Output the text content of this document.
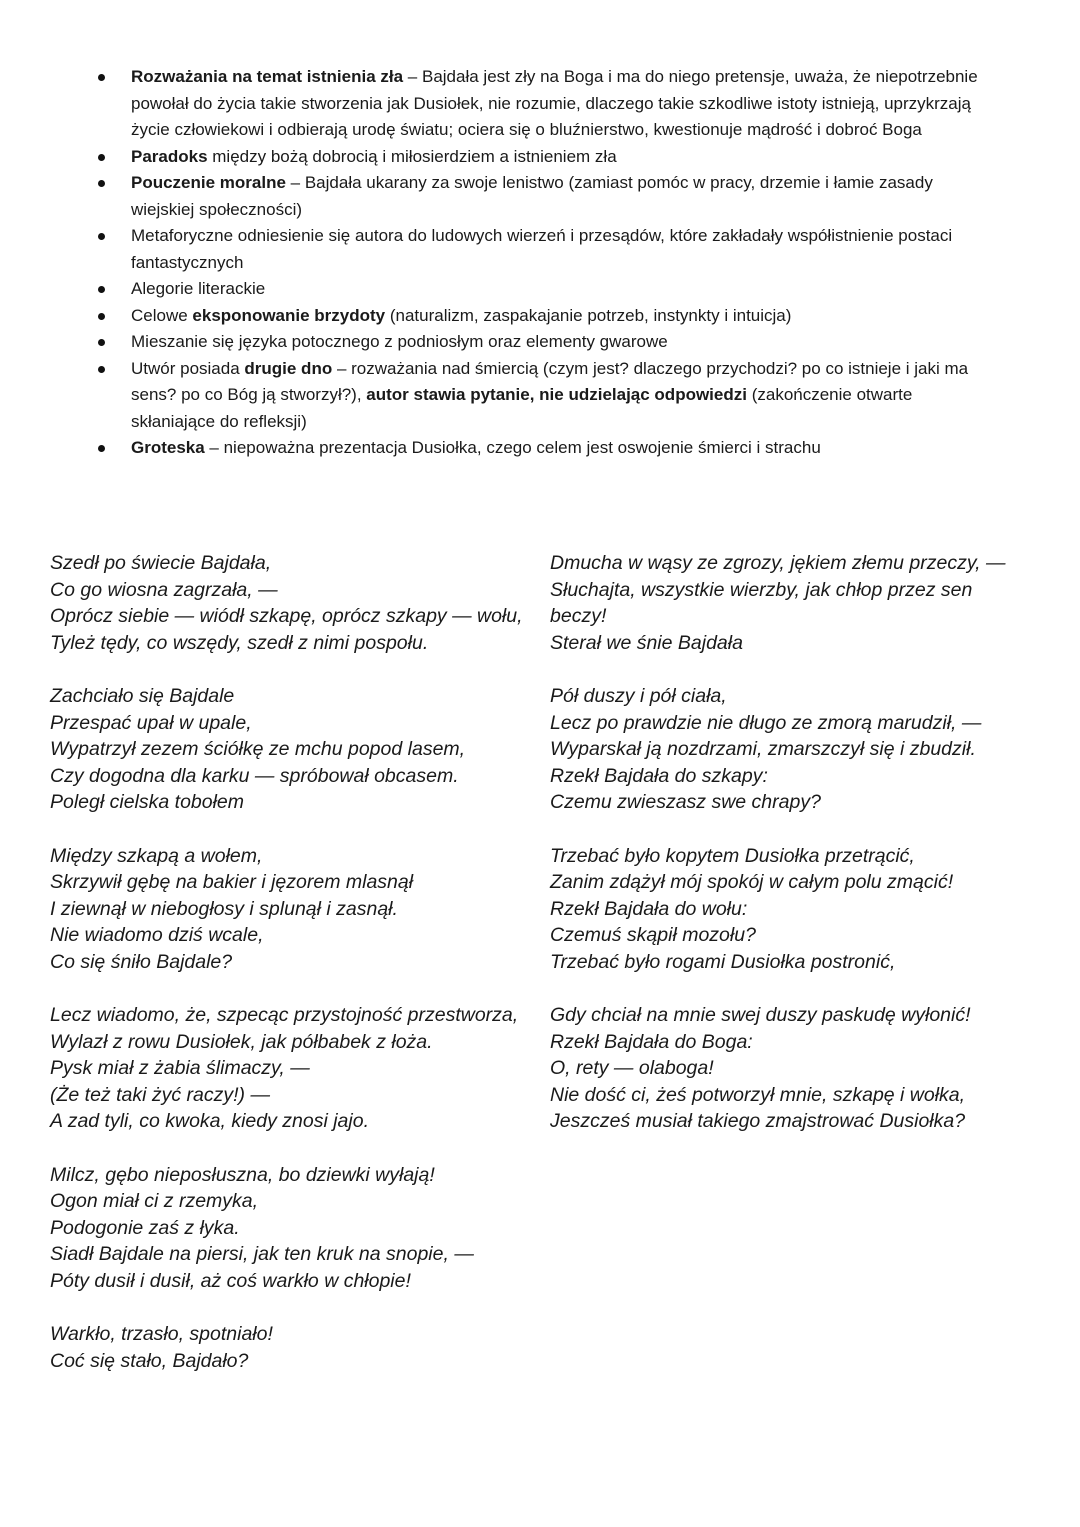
Rozważania na temat istnienia zła – Bajdała jest zły na Boga i ma do niego pretensje, uważa, że niepotrzebnie powołał do życia takie stworzenia jak Dusiołek, nie rozumie, dlaczego takie szkodliwe istoty istnieją, uprzykrzają życie człowiekowi i odbierają urodę światu; ociera się o bluźnierstwo, kwestionuje mądrość i dobroć Boga
Paradoks między bożą dobrocią i miłosierdziem a istnieniem zła
Pouczenie moralne – Bajdała ukarany za swoje lenistwo (zamiast pomóc w pracy, drzemie i łamie zasady wiejskiej społeczności)
Metaforyczne odniesienie się autora do ludowych wierzeń i przesądów, które zakładały współistnienie postaci fantastycznych
Alegorie literackie
Celowe eksponowanie brzydoty (naturalizm, zaspakajanie potrzeb, instynkty i intuicja)
Mieszanie się języka potocznego z podniosłym oraz elementy gwarowe
Utwór posiada drugie dno – rozważania nad śmiercią (czym jest? dlaczego przychodzi? po co istnieje i jaki ma sens? po co Bóg ją stworzył?), autor stawia pytanie, nie udzielając odpowiedzi (zakończenie otwarte skłaniające do refleksji)
Groteska – niepoważna prezentacja Dusiołka, czego celem jest oswojenie śmierci i strachu
Szedł po świecie Bajdała,
Co go wiosna zagrzała, —
Oprócz siebie — wiódł szkapę, oprócz szkapy — wołu,
Tyleż tędy, co wszędy, szedł z nimi pospołu.
Zachciało się Bajdale
Przespać upał w upale,
Wypatrzył zezem ściółkę ze mchu popod lasem,
Czy dogodna dla karku — spróbował obcasem.
Poległ cielska tobołem
Między szkapą a wołem,
Skrzywił gębę na bakier i jęzorem mlasnął
I ziewnął w niebogłosy i splunął i zasnął.
Nie wiadomo dziś wcale,
Co się śniło Bajdale?
Lecz wiadomo, że, szpecąc przystojność przestworza,
Wylazł z rowu Dusiołek, jak półbabek z łoża.
Pysk miał z żabia ślimaczy, —
(Że też taki żyć raczy!) —
A zad tyli, co kwoka, kiedy znosi jajo.
Milcz, gębo nieposłuszna, bo dziewki wyłają!
Ogon miał ci z rzemyka,
Podogonie zaś z łyka.
Siadł Bajdale na piersi, jak ten kruk na snopie, —
Póty dusił i dusił, aż coś warkło w chłopie!
Warkło, trzasło, spotniało!
Coć się stało, Bajdało?
Dmucha w wąsy ze zgrozy, jękiem złemu przeczy, —
Słuchajta, wszystkie wierzby, jak chłop przez sen beczy!
Sterał we śnie Bajdała
Pół duszy i pół ciała,
Lecz po prawdzie nie długo ze zmorą marudził, —
Wyparskał ją nozdrzami, zmarszczył się i zbudził.
Rzekł Bajdała do szkapy:
Czemu zwieszasz swe chrapy?
Trzebać było kopytem Dusiołka przetrącić,
Zanim zdążył mój spokój w całym polu zmącić!
Rzekł Bajdała do wołu:
Czemuś skąpił mozołu?
Trzebać było rogami Dusiołka postronić,
Gdy chciał na mnie swej duszy paskudę wyłonić!
Rzekł Bajdała do Boga:
O, rety — olaboga!
Nie dość ci, żeś potworzył mnie, szkapę i wołka,
Jeszcześ musiał takiego zmajstrować Dusiołka?
